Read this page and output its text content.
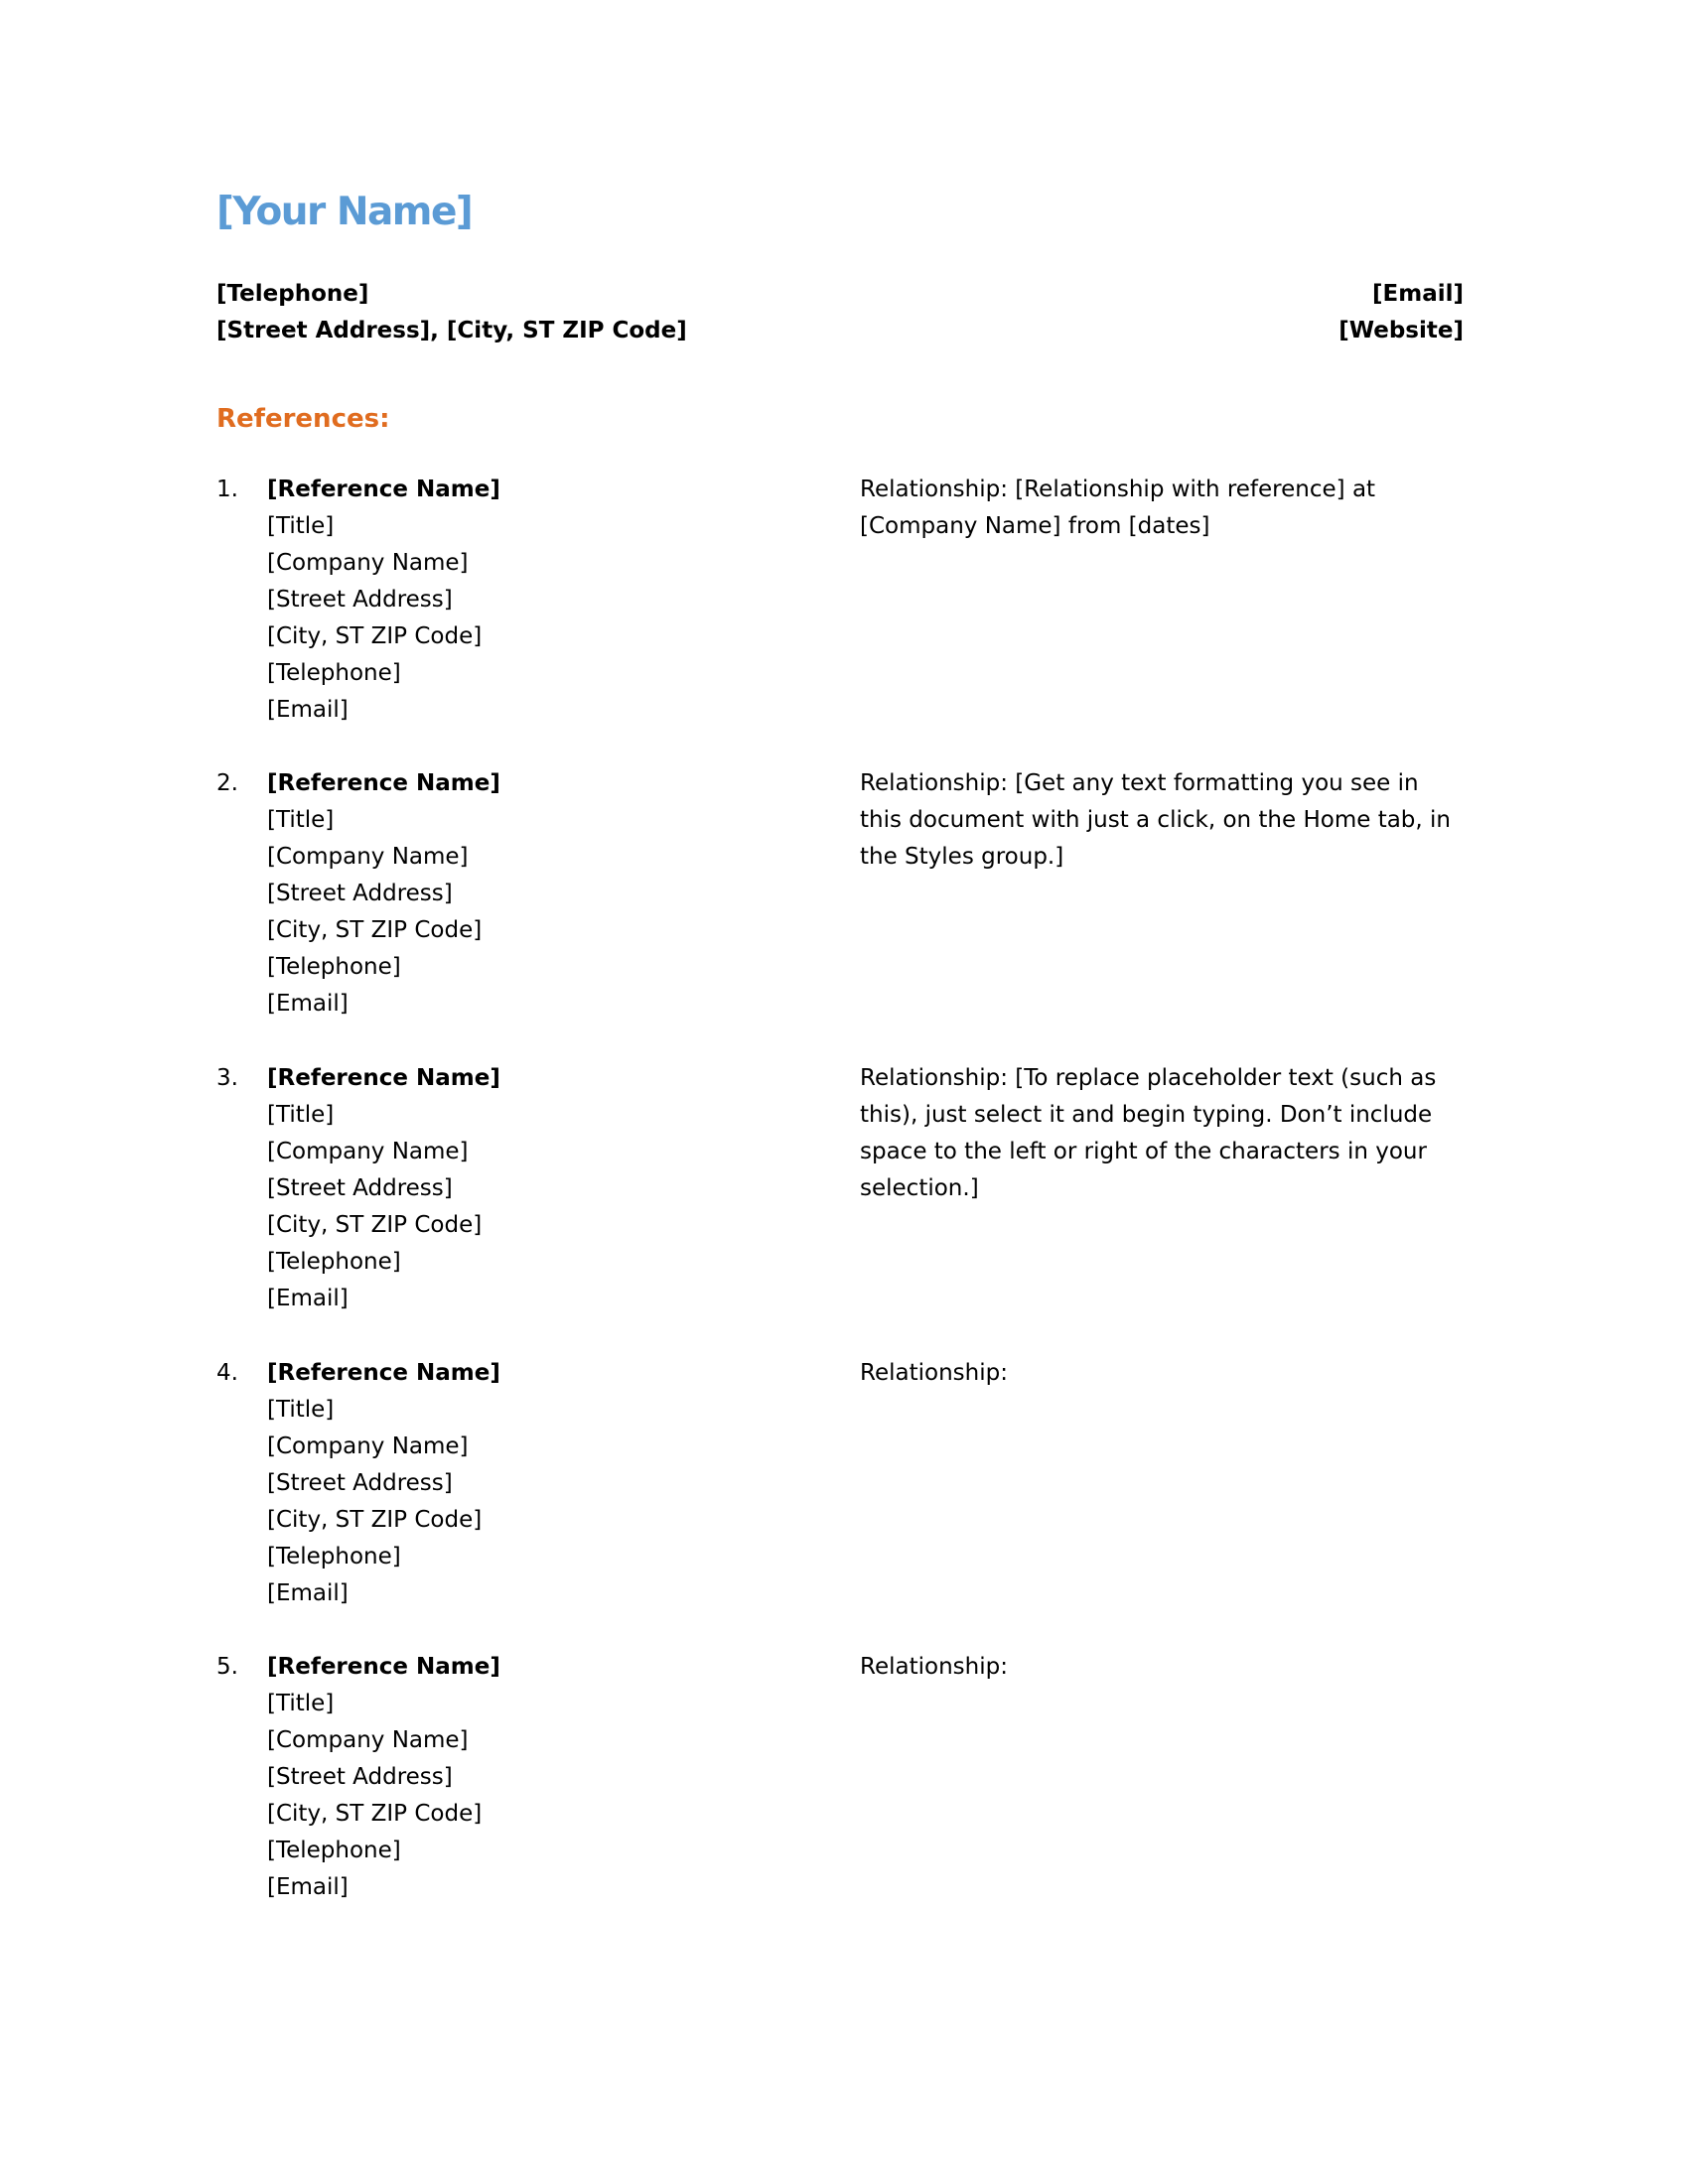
[Your Name]
[Telephone]	[Email]
[Street Address], [City, ST ZIP Code]	[Website]
References:
1. [Reference Name]
[Title]
[Company Name]
[Street Address]
[City, ST ZIP Code]
[Telephone]
[Email]

Relationship: [Relationship with reference] at [Company Name] from [dates]

2. [Reference Name]
[Title]
[Company Name]
[Street Address]
[City, ST ZIP Code]
[Telephone]
[Email]

Relationship: [Get any text formatting you see in this document with just a click, on the Home tab, in the Styles group.]

3. [Reference Name]
[Title]
[Company Name]
[Street Address]
[City, ST ZIP Code]
[Telephone]
[Email]

Relationship: [To replace placeholder text (such as this), just select it and begin typing. Don’t include space to the left or right of the characters in your selection.]

4. [Reference Name]
[Title]
[Company Name]
[Street Address]
[City, ST ZIP Code]
[Telephone]
[Email]

Relationship:

5. [Reference Name]
[Title]
[Company Name]
[Street Address]
[City, ST ZIP Code]
[Telephone]
[Email]

Relationship:
